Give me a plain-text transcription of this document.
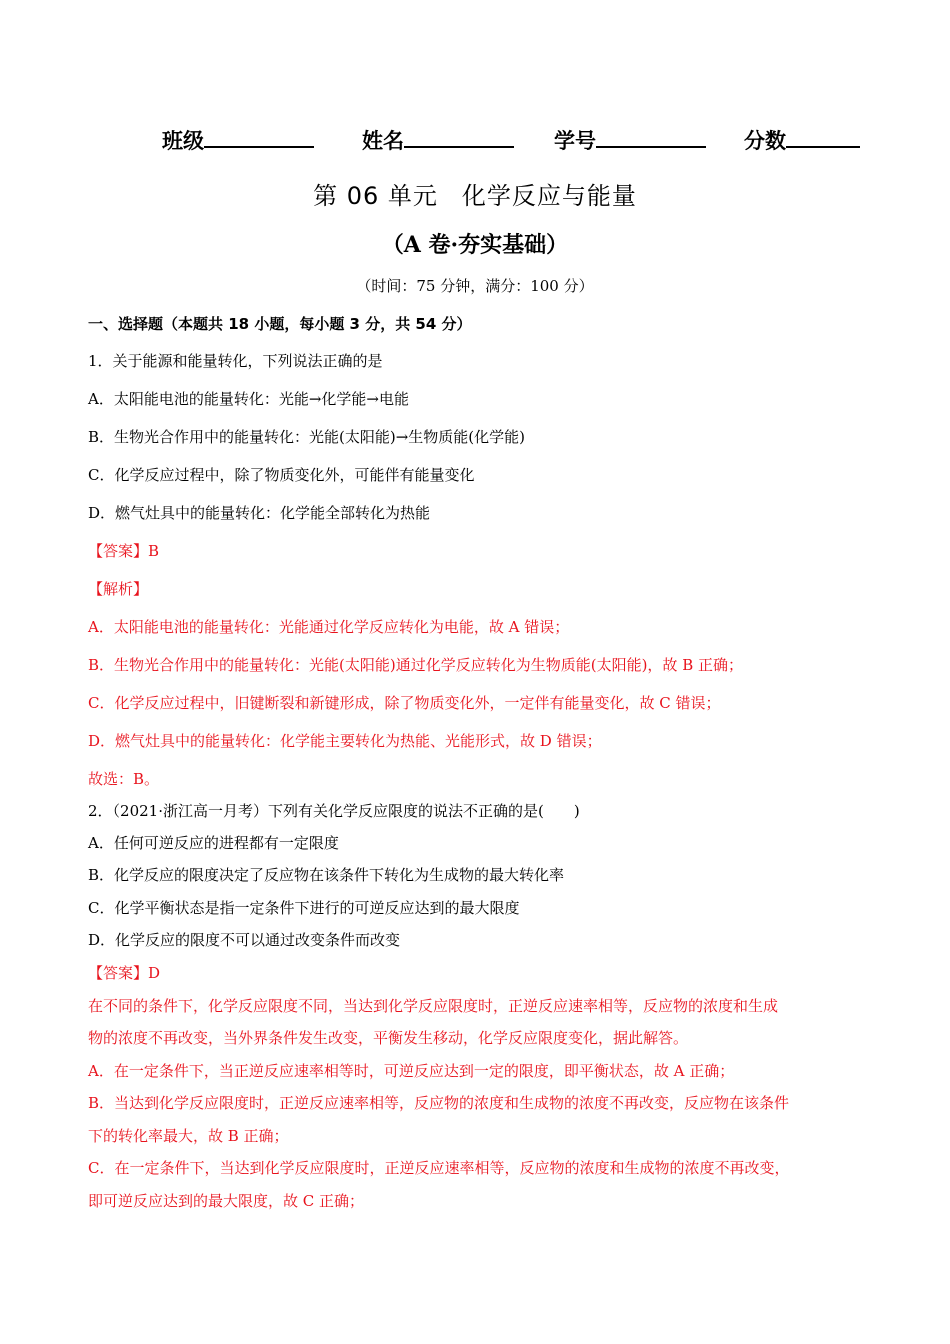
班级	姓名	学号	分数
第 06 单元 化学反应与能量
（A 卷·夯实基础）
（时间：75 分钟，满分：100 分）
一、选择题（本题共 18 小题，每小题 3 分，共 54 分）
1．关于能源和能量转化，下列说法正确的是
A．太阳能电池的能量转化：光能→化学能→电能
B．生物光合作用中的能量转化：光能(太阳能)→生物质能(化学能)
C．化学反应过程中，除了物质变化外，可能伴有能量变化
D．燃气灶具中的能量转化：化学能全部转化为热能
【答案】B
【解析】
A．太阳能电池的能量转化：光能通过化学反应转化为电能，故 A 错误；
B．生物光合作用中的能量转化：光能(太阳能)通过化学反应转化为生物质能(太阳能)，故 B 正确；
C．化学反应过程中，旧键断裂和新键形成，除了物质变化外，一定伴有能量变化，故 C 错误；
D．燃气灶具中的能量转化：化学能主要转化为热能、光能形式，故 D 错误；
故选：B。
2．（2021·浙江高一月考）下列有关化学反应限度的说法不正确的是(　　)
A．任何可逆反应的进程都有一定限度
B．化学反应的限度决定了反应物在该条件下转化为生成物的最大转化率
C．化学平衡状态是指一定条件下进行的可逆反应达到的最大限度
D．化学反应的限度不可以通过改变条件而改变
【答案】D
在不同的条件下，化学反应限度不同，当达到化学反应限度时，正逆反应速率相等，反应物的浓度和生成
物的浓度不再改变，当外界条件发生改变，平衡发生移动，化学反应限度变化，据此解答。
A．在一定条件下，当正逆反应速率相等时，可逆反应达到一定的限度，即平衡状态，故 A 正确；
B．当达到化学反应限度时，正逆反应速率相等，反应物的浓度和生成物的浓度不再改变，反应物在该条件
下的转化率最大，故 B 正确；
C．在一定条件下，当达到化学反应限度时，正逆反应速率相等，反应物的浓度和生成物的浓度不再改变，
即可逆反应达到的最大限度，故 C 正确；
